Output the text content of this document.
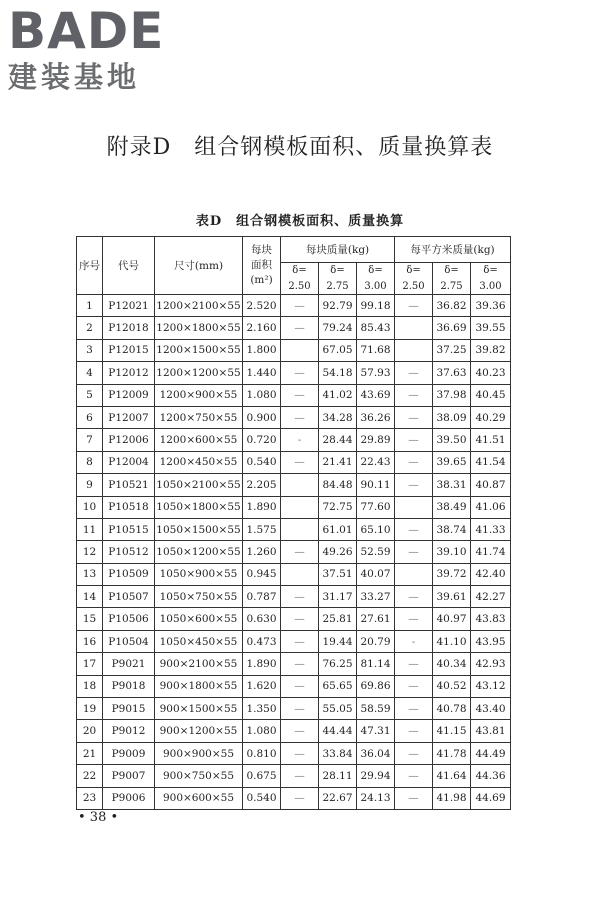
BADE
建装基地
附录D　组合钢模板面积、质量换算表
表D　组合钢模板面积、质量换算
序号	代号	尺寸(mm)	每块
面积
(m²)	每块质量(kg)			每平方米质量(kg)		
				δ=	δ=	δ=	δ=	δ=	δ=
				2.50	2.75	3.00	2.50	2.75	3.00
1	P12021	1200×2100×55	2.520	—	92.79	99.18	—	36.82	39.36
2	P12018	1200×1800×55	2.160	—	79.24	85.43		36.69	39.55
3	P12015	1200×1500×55	1.800		67.05	71.68		37.25	39.82
4	P12012	1200×1200×55	1.440	—	54.18	57.93	—	37.63	40.23
5	P12009	1200×900×55	1.080	—	41.02	43.69	—	37.98	40.45
6	P12007	1200×750×55	0.900	—	34.28	36.26	—	38.09	40.29
7	P12006	1200×600×55	0.720	-	28.44	29.89	—	39.50	41.51
8	P12004	1200×450×55	0.540	—	21.41	22.43	—	39.65	41.54
9	P10521	1050×2100×55	2.205		84.48	90.11	—	38.31	40.87
10	P10518	1050×1800×55	1.890		72.75	77.60		38.49	41.06
11	P10515	1050×1500×55	1.575		61.01	65.10	—	38.74	41.33
12	P10512	1050×1200×55	1.260	—	49.26	52.59	—	39.10	41.74
13	P10509	1050×900×55	0.945		37.51	40.07		39.72	42.40
14	P10507	1050×750×55	0.787	—	31.17	33.27	—	39.61	42.27
15	P10506	1050×600×55	0.630	—	25.81	27.61	—	40.97	43.83
16	P10504	1050×450×55	0.473	—	19.44	20.79	-	41.10	43.95
17	P9021	900×2100×55	1.890	—	76.25	81.14	—	40.34	42.93
18	P9018	900×1800×55	1.620	—	65.65	69.86	—	40.52	43.12
19	P9015	900×1500×55	1.350	—	55.05	58.59	—	40.78	43.40
20	P9012	900×1200×55	1.080	—	44.44	47.31	—	41.15	43.81
21	P9009	900×900×55	0.810	—	33.84	36.04	—	41.78	44.49
22	P9007	900×750×55	0.675	—	28.11	29.94	—	41.64	44.36
23	P9006	900×600×55	0.540	—	22.67	24.13	—	41.98	44.69
• 38 •
